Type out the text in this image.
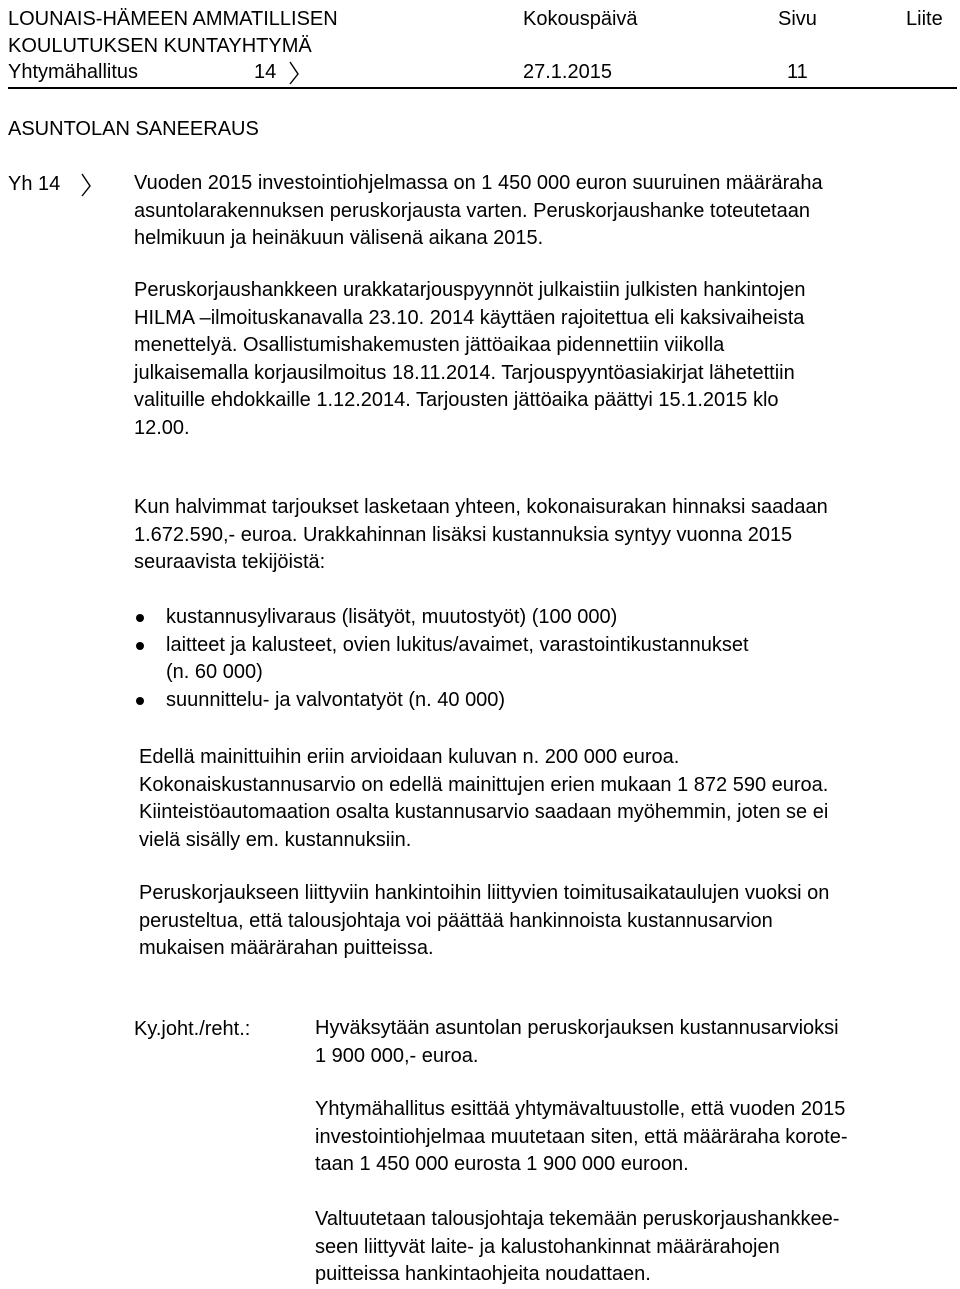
LOUNAIS-HÄMEEN AMMATILLISEN	Kokouspäivä	Sivu	Liite
KOULUTUKSEN KUNTAYHTYMÄ
Yhtymähallitus	14	27.1.2015	11
ASUNTOLAN SANEERAUS
Yh 14	Vuoden 2015 investointiohjelmassa on 1 450 000 euron suuruinen määräraha
asuntolarakennuksen peruskorjausta varten. Peruskorjaushanke toteutetaan
helmikuun ja heinäkuun välisenä aikana 2015.
Peruskorjaushankkeen urakkatarjouspyynnöt julkaistiin julkisten hankintojen
HILMA –ilmoituskanavalla 23.10. 2014 käyttäen rajoitettua eli kaksivaiheista
menettelyä. Osallistumishakemusten jättöaikaa pidennettiin viikolla
julkaisemalla korjausilmoitus 18.11.2014. Tarjouspyyntöasiakirjat lähetettiin
valituille ehdokkaille 1.12.2014. Tarjousten jättöaika päättyi 15.1.2015 klo
12.00.
Kun halvimmat tarjoukset lasketaan yhteen, kokonaisurakan hinnaksi saadaan
1.672.590,- euroa. Urakkahinnan lisäksi kustannuksia syntyy vuonna 2015
seuraavista tekijöistä:
kustannusylivaraus (lisätyöt, muutostyöt) (100 000)
laitteet ja kalusteet, ovien lukitus/avaimet, varastointikustannukset
(n. 60 000)
suunnittelu- ja valvontatyöt (n. 40 000)
Edellä mainittuihin eriin arvioidaan kuluvan n. 200 000 euroa.
Kokonaiskustannusarvio on edellä mainittujen erien mukaan 1 872 590 euroa.
Kiinteistöautomaation osalta kustannusarvio saadaan myöhemmin, joten se ei
vielä sisälly em. kustannuksiin.
Peruskorjaukseen liittyviin hankintoihin liittyvien toimitusaikataulujen vuoksi on
perusteltua, että talousjohtaja voi päättää hankinnoista kustannusarvion
mukaisen määrärahan puitteissa.
Ky.joht./reht.:	Hyväksytään asuntolan peruskorjauksen kustannusarvioksi
1 900 000,- euroa.
Yhtymähallitus esittää yhtymävaltuustolle, että vuoden 2015
investointiohjelmaa muutetaan siten, että määräraha korote-
taan 1 450 000 eurosta 1 900 000 euroon.
Valtuutetaan talousjohtaja tekemään peruskorjaushankkee-
seen liittyvät laite- ja kalustohankinnat määrärahojen
puitteissa hankintaohjeita noudattaen.
